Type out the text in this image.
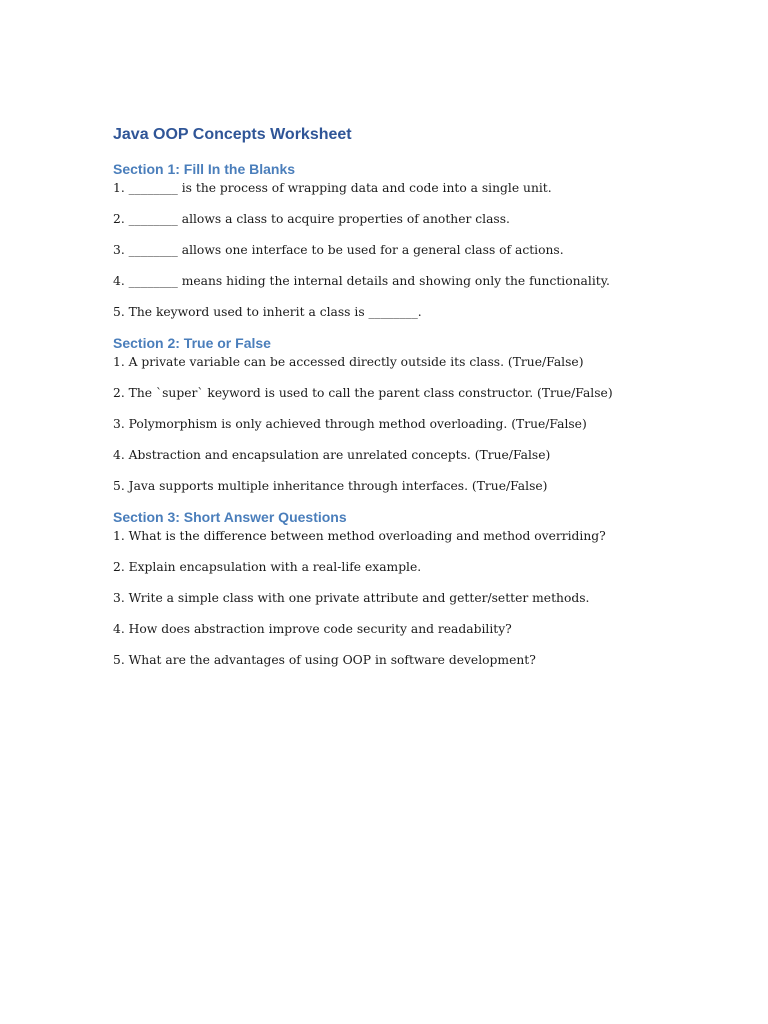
Java OOP Concepts Worksheet
Section 1: Fill In the Blanks
1. ________ is the process of wrapping data and code into a single unit.
2. ________ allows a class to acquire properties of another class.
3. ________ allows one interface to be used for a general class of actions.
4. ________ means hiding the internal details and showing only the functionality.
5. The keyword used to inherit a class is ________.
Section 2: True or False
1. A private variable can be accessed directly outside its class. (True/False)
2. The `super` keyword is used to call the parent class constructor. (True/False)
3. Polymorphism is only achieved through method overloading. (True/False)
4. Abstraction and encapsulation are unrelated concepts. (True/False)
5. Java supports multiple inheritance through interfaces. (True/False)
Section 3: Short Answer Questions
1. What is the difference between method overloading and method overriding?
2. Explain encapsulation with a real-life example.
3. Write a simple class with one private attribute and getter/setter methods.
4. How does abstraction improve code security and readability?
5. What are the advantages of using OOP in software development?
